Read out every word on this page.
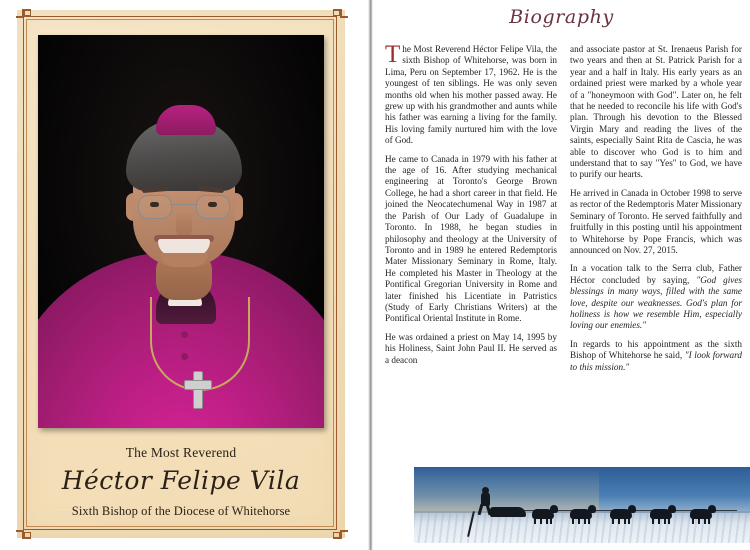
The Most Reverend
Héctor Felipe Vila
Sixth Bishop of the Diocese of Whitehorse
Biography

The Most Reverend Héctor Felipe Vila, the sixth Bishop of Whitehorse, was born in Lima, Peru on September 17, 1962. He is the youngest of ten siblings. He was only seven months old when his mother passed away. He grew up with his grandmother and aunts while his father was earning a living for the family. His loving family nurtured him with the love of God.

He came to Canada in 1979 with his father at the age of 16. After studying mechanical engineering at Toronto's George Brown College, he had a short career in that field. He joined the Neocatechumenal Way in 1987 at the Parish of Our Lady of Guadalupe in Toronto. In 1988, he began studies in philosophy and theology at the University of Toronto and in 1989 he entered Redemptoris Mater Missionary Seminary in Rome, Italy. He completed his Master in Theology at the Pontifical Gregorian University in Rome and later finished his Licentiate in Patristics (Study of Early Christians Writers) at the Pontifical Oriental Institute in Rome.

He was ordained a priest on May 14, 1995 by his Holiness, Saint John Paul II. He served as a deacon

and associate pastor at St. Irenaeus Parish for two years and then at St. Patrick Parish for a year and a half in Italy. His early years as an ordained priest were marked by a whole year of a "honeymoon with God". Later on, he felt that he needed to reconcile his life with God's plan. Through his devotion to the Blessed Virgin Mary and reading the lives of the saints, especially Saint Rita de Cascia, he was able to discover who God is to him and understand that to say "Yes" to God, we have to purify our hearts.

He arrived in Canada in October 1998 to serve as rector of the Redemptoris Mater Missionary Seminary of Toronto. He served faithfully and fruitfully in this posting until his appointment to Whitehorse by Pope Francis, which was announced on Nov. 27, 2015.

In a vocation talk to the Serra club, Father Héctor concluded by saying, "God gives blessings in many ways, filled with the same love, despite our weaknesses. God's plan for holiness is how we resemble Him, especially loving our enemies."

In regards to his appointment as the sixth Bishop of Whitehorse he said, "I look forward to this mission."
